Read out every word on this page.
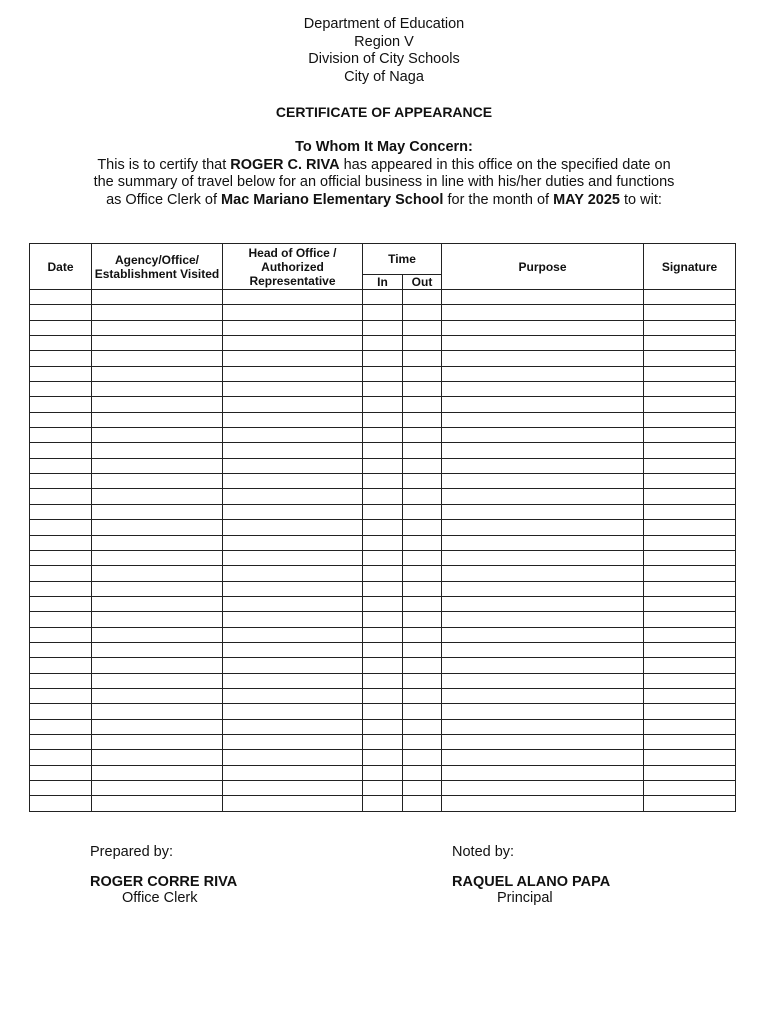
Department of Education
Region V
Division of City Schools
City of Naga
CERTIFICATE OF APPEARANCE
To Whom It May Concern:
This is to certify that ROGER C. RIVA has appeared in this office on the specified date on the summary of travel below for an official business in line with his/her duties and functions as Office Clerk of Mac Mariano Elementary School for the month of MAY 2025 to wit:
Date	Agency/Office/ Establishment Visited	Head of Office / Authorized Representative	Time		Purpose	Signature
			In	Out		

Prepared by:
ROGER CORRE RIVA
Office Clerk
Noted by:
RAQUEL ALANO PAPA
Principal
